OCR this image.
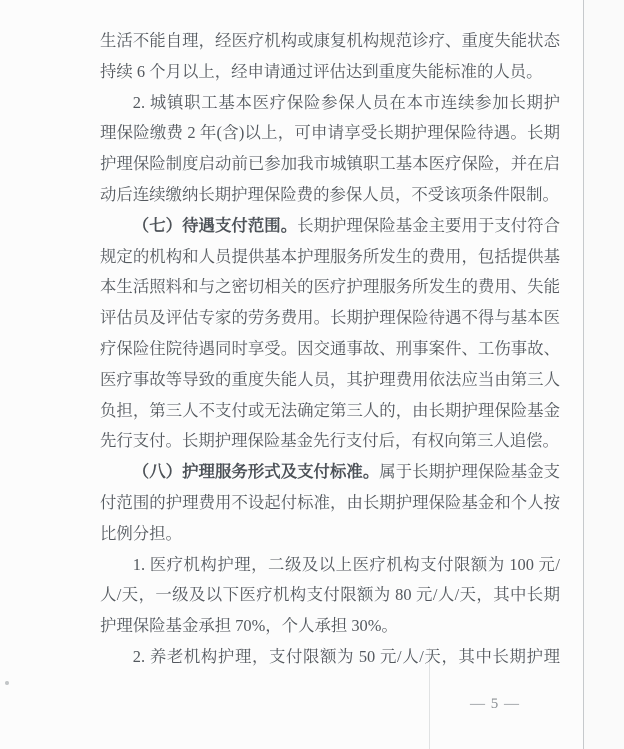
生活不能自理，经医疗机构或康复机构规范诊疗、重度失能状态
持续 6 个月以上，经申请通过评估达到重度失能标准的人员。
2. 城镇职工基本医疗保险参保人员在本市连续参加长期护
理保险缴费 2 年(含)以上，可申请享受长期护理保险待遇。长期
护理保险制度启动前已参加我市城镇职工基本医疗保险，并在启
动后连续缴纳长期护理保险费的参保人员，不受该项条件限制。
（七）待遇支付范围。长期护理保险基金主要用于支付符合
规定的机构和人员提供基本护理服务所发生的费用，包括提供基
本生活照料和与之密切相关的医疗护理服务所发生的费用、失能
评估员及评估专家的劳务费用。长期护理保险待遇不得与基本医
疗保险住院待遇同时享受。因交通事故、刑事案件、工伤事故、
医疗事故等导致的重度失能人员，其护理费用依法应当由第三人
负担，第三人不支付或无法确定第三人的，由长期护理保险基金
先行支付。长期护理保险基金先行支付后，有权向第三人追偿。
（八）护理服务形式及支付标准。属于长期护理保险基金支
付范围的护理费用不设起付标准，由长期护理保险基金和个人按
比例分担。
1. 医疗机构护理，二级及以上医疗机构支付限额为 100 元/
人/天，一级及以下医疗机构支付限额为 80 元/人/天，其中长期
护理保险基金承担 70%，个人承担 30%。
2. 养老机构护理，支付限额为 50 元/人/天，其中长期护理
— 5 —
